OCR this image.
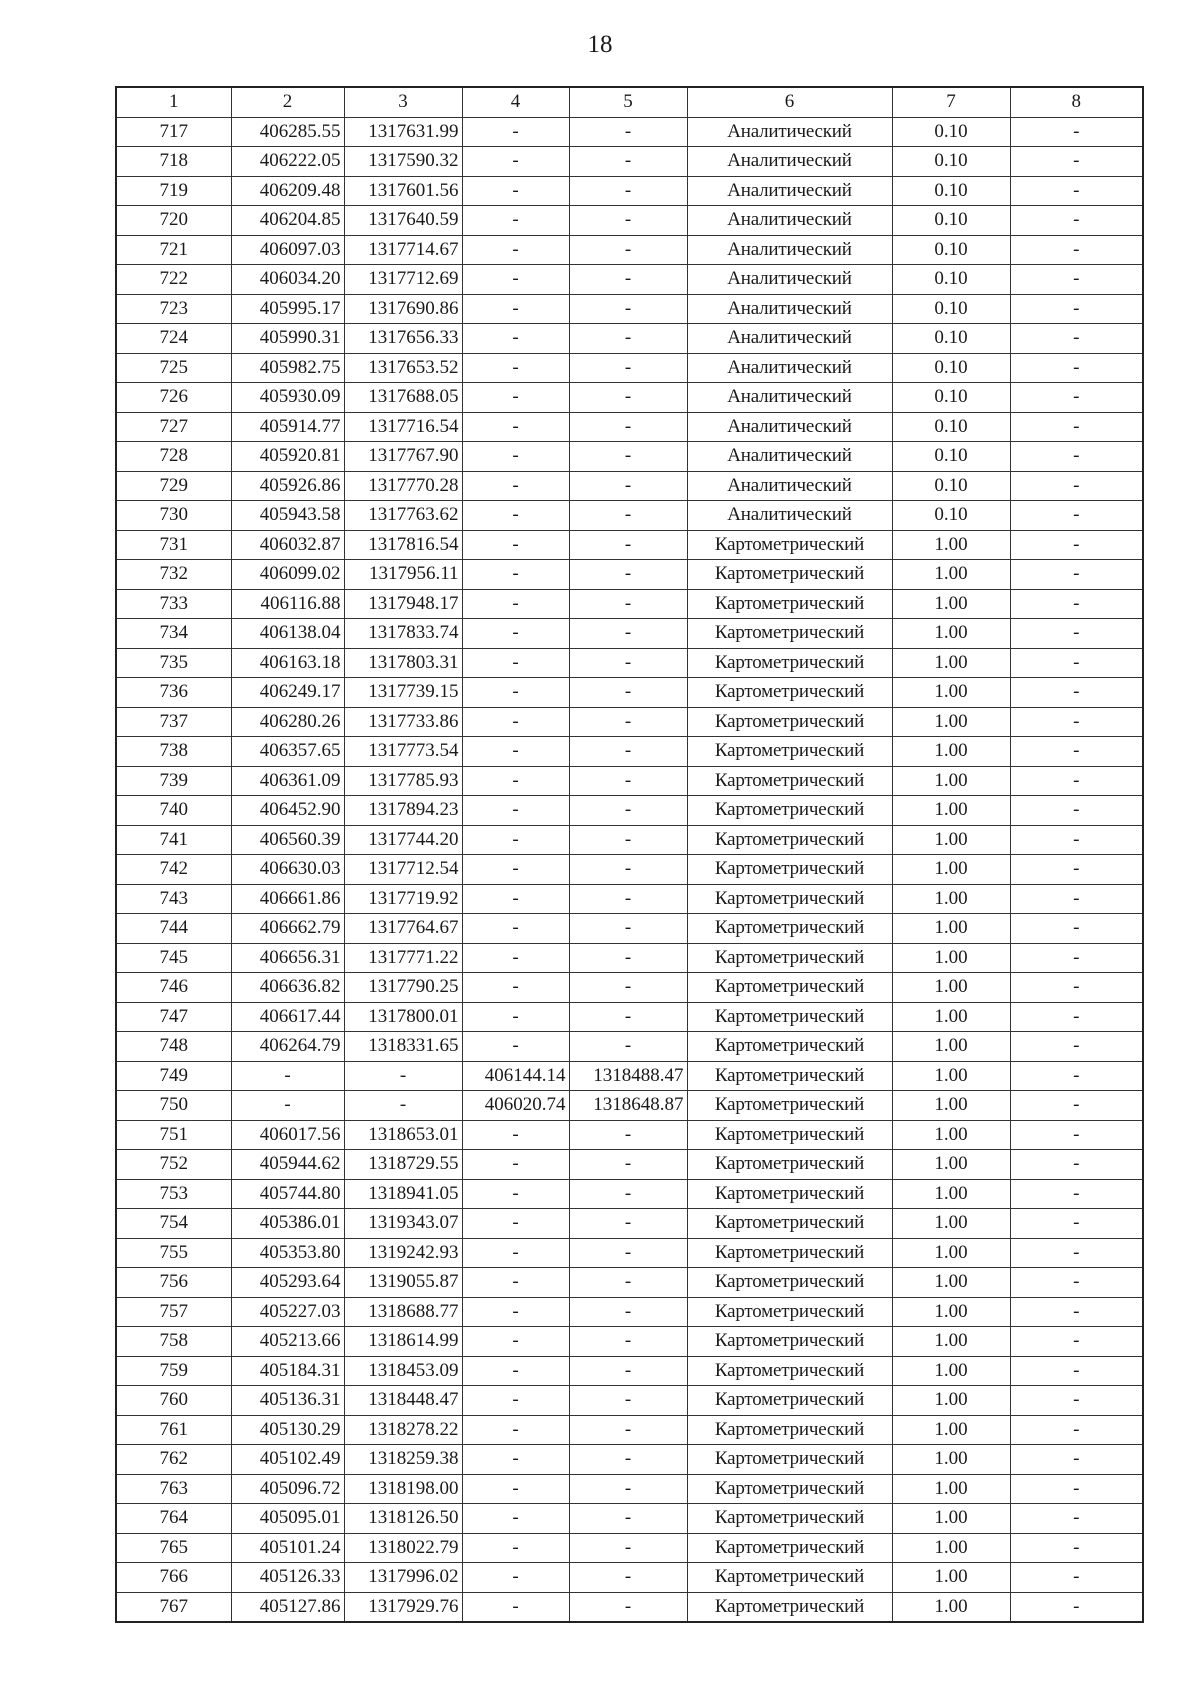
18
1	2	3	4	5	6	7	8
717	406285.55	1317631.99	-	-	Аналитический	0.10	-
718	406222.05	1317590.32	-	-	Аналитический	0.10	-
719	406209.48	1317601.56	-	-	Аналитический	0.10	-
720	406204.85	1317640.59	-	-	Аналитический	0.10	-
721	406097.03	1317714.67	-	-	Аналитический	0.10	-
722	406034.20	1317712.69	-	-	Аналитический	0.10	-
723	405995.17	1317690.86	-	-	Аналитический	0.10	-
724	405990.31	1317656.33	-	-	Аналитический	0.10	-
725	405982.75	1317653.52	-	-	Аналитический	0.10	-
726	405930.09	1317688.05	-	-	Аналитический	0.10	-
727	405914.77	1317716.54	-	-	Аналитический	0.10	-
728	405920.81	1317767.90	-	-	Аналитический	0.10	-
729	405926.86	1317770.28	-	-	Аналитический	0.10	-
730	405943.58	1317763.62	-	-	Аналитический	0.10	-
731	406032.87	1317816.54	-	-	Картометрический	1.00	-
732	406099.02	1317956.11	-	-	Картометрический	1.00	-
733	406116.88	1317948.17	-	-	Картометрический	1.00	-
734	406138.04	1317833.74	-	-	Картометрический	1.00	-
735	406163.18	1317803.31	-	-	Картометрический	1.00	-
736	406249.17	1317739.15	-	-	Картометрический	1.00	-
737	406280.26	1317733.86	-	-	Картометрический	1.00	-
738	406357.65	1317773.54	-	-	Картометрический	1.00	-
739	406361.09	1317785.93	-	-	Картометрический	1.00	-
740	406452.90	1317894.23	-	-	Картометрический	1.00	-
741	406560.39	1317744.20	-	-	Картометрический	1.00	-
742	406630.03	1317712.54	-	-	Картометрический	1.00	-
743	406661.86	1317719.92	-	-	Картометрический	1.00	-
744	406662.79	1317764.67	-	-	Картометрический	1.00	-
745	406656.31	1317771.22	-	-	Картометрический	1.00	-
746	406636.82	1317790.25	-	-	Картометрический	1.00	-
747	406617.44	1317800.01	-	-	Картометрический	1.00	-
748	406264.79	1318331.65	-	-	Картометрический	1.00	-
749	-	-	406144.14	1318488.47	Картометрический	1.00	-
750	-	-	406020.74	1318648.87	Картометрический	1.00	-
751	406017.56	1318653.01	-	-	Картометрический	1.00	-
752	405944.62	1318729.55	-	-	Картометрический	1.00	-
753	405744.80	1318941.05	-	-	Картометрический	1.00	-
754	405386.01	1319343.07	-	-	Картометрический	1.00	-
755	405353.80	1319242.93	-	-	Картометрический	1.00	-
756	405293.64	1319055.87	-	-	Картометрический	1.00	-
757	405227.03	1318688.77	-	-	Картометрический	1.00	-
758	405213.66	1318614.99	-	-	Картометрический	1.00	-
759	405184.31	1318453.09	-	-	Картометрический	1.00	-
760	405136.31	1318448.47	-	-	Картометрический	1.00	-
761	405130.29	1318278.22	-	-	Картометрический	1.00	-
762	405102.49	1318259.38	-	-	Картометрический	1.00	-
763	405096.72	1318198.00	-	-	Картометрический	1.00	-
764	405095.01	1318126.50	-	-	Картометрический	1.00	-
765	405101.24	1318022.79	-	-	Картометрический	1.00	-
766	405126.33	1317996.02	-	-	Картометрический	1.00	-
767	405127.86	1317929.76	-	-	Картометрический	1.00	-
